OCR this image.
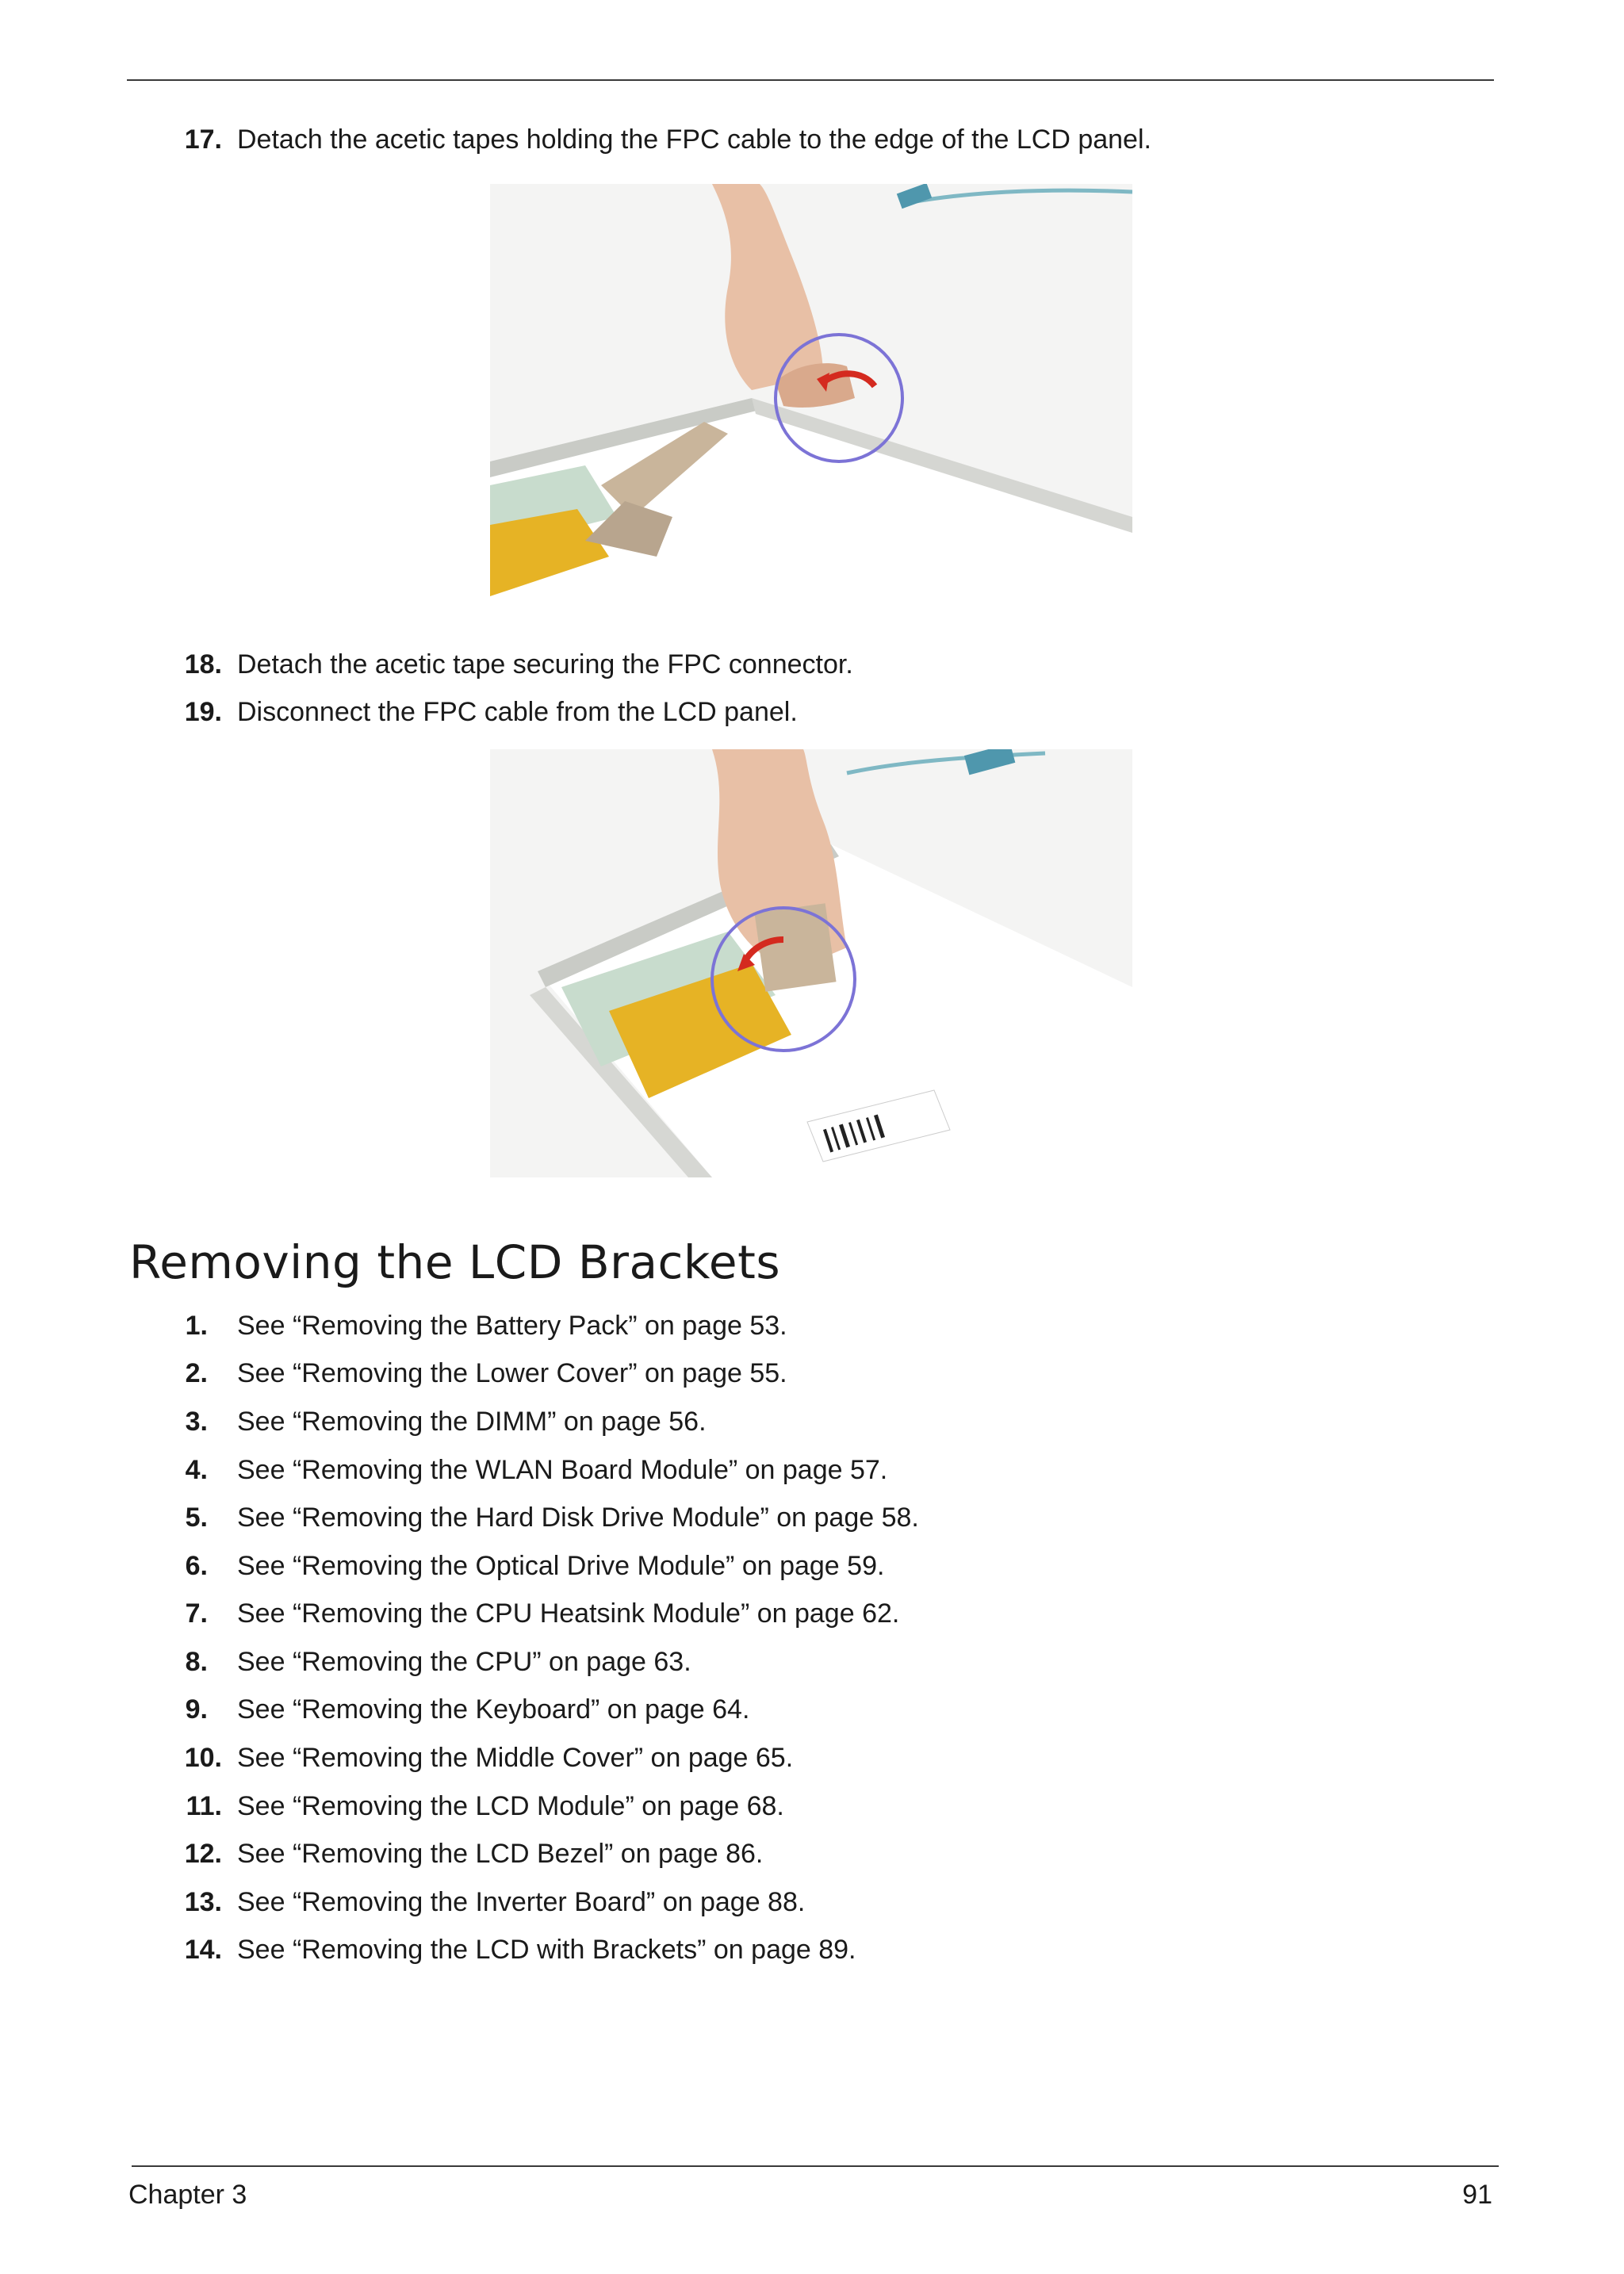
17. Detach the acetic tapes holding the FPC cable to the edge of the LCD panel.
18. Detach the acetic tape securing the FPC connector.
19. Disconnect the FPC cable from the LCD panel.
Removing the LCD Brackets
1. See “Removing the Battery Pack” on page 53.
2. See “Removing the Lower Cover” on page 55.
3. See “Removing the DIMM” on page 56.
4. See “Removing the WLAN Board Module” on page 57.
5. See “Removing the Hard Disk Drive Module” on page 58.
6. See “Removing the Optical Drive Module” on page 59.
7. See “Removing the CPU Heatsink Module” on page 62.
8. See “Removing the CPU” on page 63.
9. See “Removing the Keyboard” on page 64.
10. See “Removing the Middle Cover” on page 65.
11. See “Removing the LCD Module” on page 68.
12. See “Removing the LCD Bezel” on page 86.
13. See “Removing the Inverter Board” on page 88.
14. See “Removing the LCD with Brackets” on page 89.
Chapter 3	91
